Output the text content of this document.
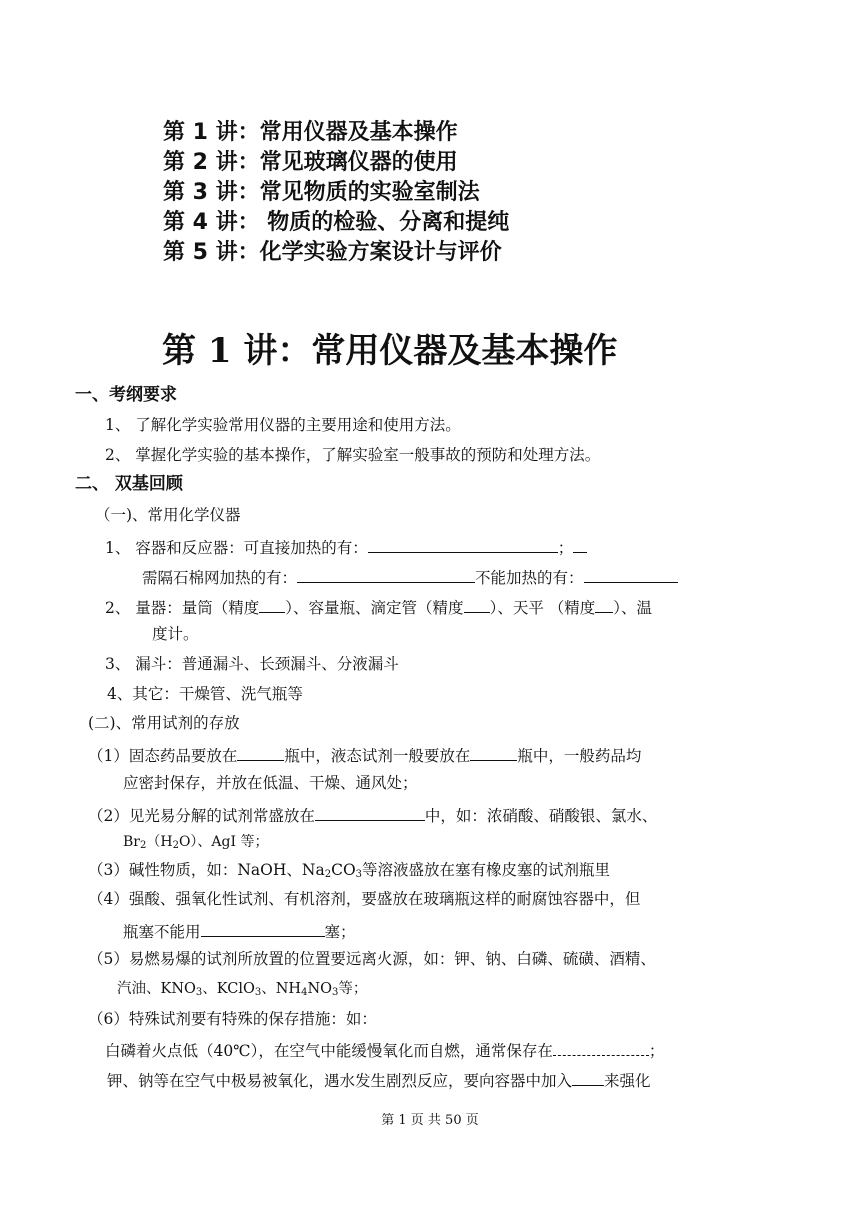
第 1 讲：常用仪器及基本操作
第 2 讲：常见玻璃仪器的使用
第 3 讲：常见物质的实验室制法
第 4 讲： 物质的检验、分离和提纯
第 5 讲：化学实验方案设计与评价
第 1 讲：常用仪器及基本操作
一、考纲要求
1、 了解化学实验常用仪器的主要用途和使用方法。
2、 掌握化学实验的基本操作，了解实验室一般事故的预防和处理方法。
二、 双基回顾
（一)、常用化学仪器
1、 容器和反应器：可直接加热的有：	；
需隔石棉网加热的有：	不能加热的有：
2、 量器：量筒（精度 ）、容量瓶、滴定管（精度 ）、天平 （精度 ）、温
度计。
3、 漏斗：普通漏斗、长颈漏斗、分液漏斗
4、其它：干燥管、洗气瓶等
(二)、常用试剂的存放
（1）固态药品要放在	瓶中，液态试剂一般要放在	瓶中，一般药品均
应密封保存，并放在低温、干燥、通风处；
（2）见光易分解的试剂常盛放在	中，如：浓硝酸、硝酸银、氯水、
$Br_2(H_2O)$、AgI 等；
（3）碱性物质，如：NaOH、$Na_2CO_3$等溶液盛放在塞有橡皮塞的试剂瓶里
（4）强酸、强氧化性试剂、有机溶剂，要盛放在玻璃瓶这样的耐腐蚀容器中，但
瓶塞不能用	塞；
（5）易燃易爆的试剂所放置的位置要远离火源，如：钾、钠、白磷、硫磺、酒精、
汽油、$KNO_3$、KClO$_3$、$NH_4NO_3$等；
（6）特殊试剂要有特殊的保存措施：如：
白磷着火点低（40℃），在空气中能缓慢氧化而自燃，通常保存在	；
钾、钠等在空气中极易被氧化，遇水发生剧烈反应，要向容器中加入 来强化
第 1 页 共 50 页
